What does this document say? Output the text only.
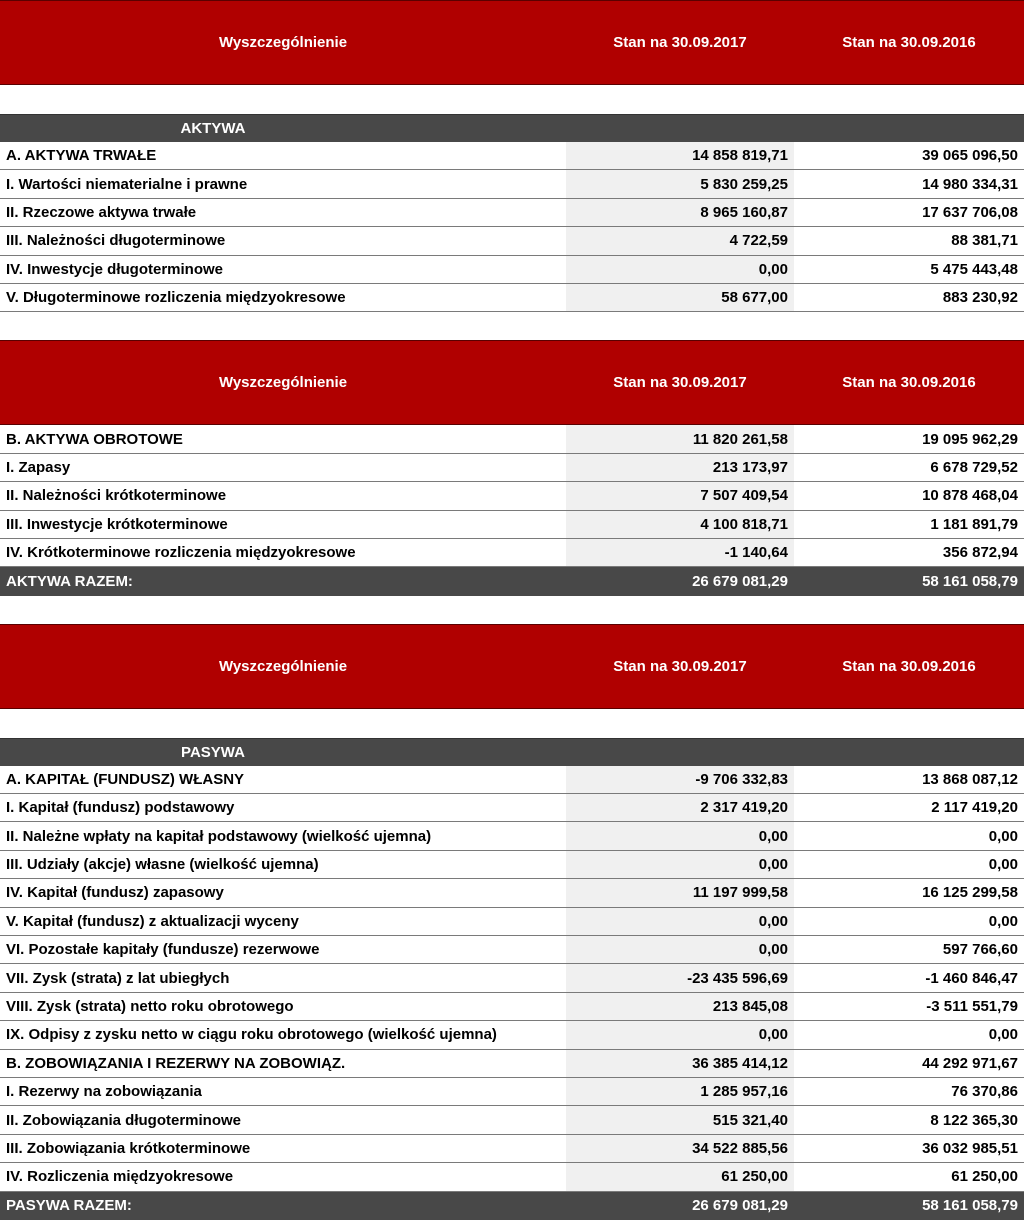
Wyszczególnienie	Stan na 30.09.2017	Stan na 30.09.2016
AKTYWA
A. AKTYWA TRWAŁE	14 858 819,71	39 065 096,50
I. Wartości niematerialne i prawne	5 830 259,25	14 980 334,31
II. Rzeczowe aktywa trwałe	8 965 160,87	17 637 706,08
III. Należności długoterminowe	4 722,59	88 381,71
IV. Inwestycje długoterminowe	0,00	5 475 443,48
V. Długoterminowe rozliczenia międzyokresowe	58 677,00	883 230,92
Wyszczególnienie	Stan na 30.09.2017	Stan na 30.09.2016
B. AKTYWA OBROTOWE	11 820 261,58	19 095 962,29
I. Zapasy	213 173,97	6 678 729,52
II. Należności krótkoterminowe	7 507 409,54	10 878 468,04
III. Inwestycje krótkoterminowe	4 100 818,71	1 181 891,79
IV. Krótkoterminowe rozliczenia międzyokresowe	-1 140,64	356 872,94
AKTYWA RAZEM:	26 679 081,29	58 161 058,79
Wyszczególnienie	Stan na 30.09.2017	Stan na 30.09.2016
PASYWA
A. KAPITAŁ (FUNDUSZ) WŁASNY	-9 706 332,83	13 868 087,12
I. Kapitał (fundusz) podstawowy	2 317 419,20	2 117 419,20
II. Należne wpłaty na kapitał podstawowy (wielkość ujemna)	0,00	0,00
III. Udziały (akcje) własne (wielkość ujemna)	0,00	0,00
IV. Kapitał (fundusz) zapasowy	11 197 999,58	16 125 299,58
V. Kapitał (fundusz) z aktualizacji wyceny	0,00	0,00
VI. Pozostałe kapitały (fundusze) rezerwowe	0,00	597 766,60
VII. Zysk (strata) z lat ubiegłych	-23 435 596,69	-1 460 846,47
VIII. Zysk (strata) netto roku obrotowego	213 845,08	-3 511 551,79
IX. Odpisy z zysku netto w ciągu roku obrotowego (wielkość ujemna)	0,00	0,00
B. ZOBOWIĄZANIA I REZERWY NA ZOBOWIĄZ.	36 385 414,12	44 292 971,67
I. Rezerwy na zobowiązania	1 285 957,16	76 370,86
II. Zobowiązania długoterminowe	515 321,40	8 122 365,30
III. Zobowiązania krótkoterminowe	34 522 885,56	36 032 985,51
IV. Rozliczenia międzyokresowe	61 250,00	61 250,00
PASYWA RAZEM:	26 679 081,29	58 161 058,79
